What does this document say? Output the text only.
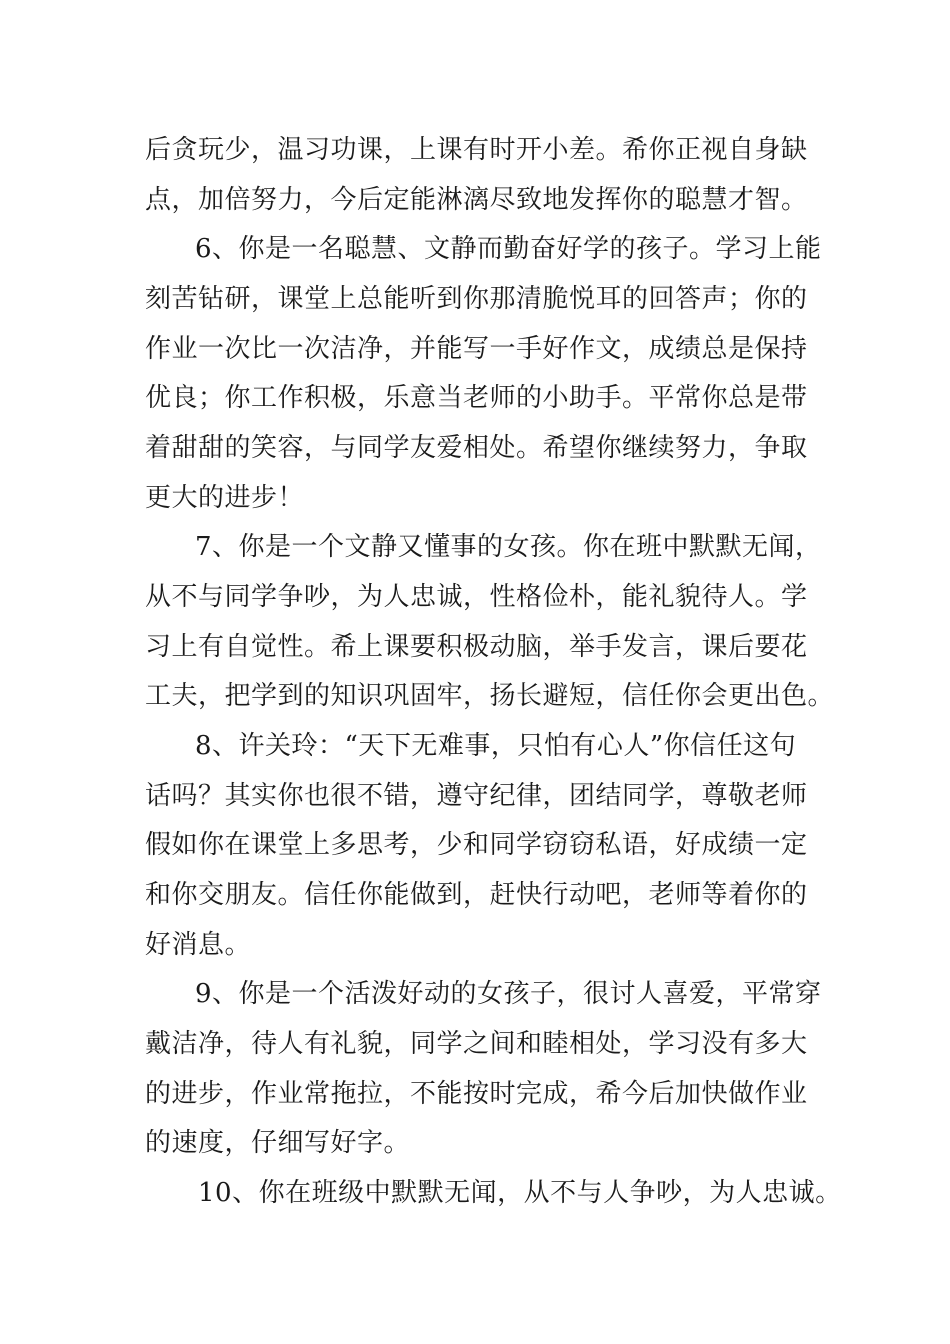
后贪玩少，温习功课，上课有时开小差。希你正视自身缺
点，加倍努力，今后定能淋漓尽致地发挥你的聪慧才智。
6、你是一名聪慧、文静而勤奋好学的孩子。学习上能
刻苦钻研，课堂上总能听到你那清脆悦耳的回答声；你的
作业一次比一次洁净，并能写一手好作文，成绩总是保持
优良；你工作积极，乐意当老师的小助手。平常你总是带
着甜甜的笑容，与同学友爱相处。希望你继续努力，争取
更大的进步！
7、你是一个文静又懂事的女孩。你在班中默默无闻，
从不与同学争吵，为人忠诚，性格俭朴，能礼貌待人。学
习上有自觉性。希上课要积极动脑，举手发言，课后要花
工夫，把学到的知识巩固牢，扬长避短，信任你会更出色。
8、许关玲：“天下无难事，只怕有心人”你信任这句
话吗？其实你也很不错，遵守纪律，团结同学，尊敬老师
假如你在课堂上多思考，少和同学窃窃私语，好成绩一定
和你交朋友。信任你能做到，赶快行动吧，老师等着你的
好消息。
9、你是一个活泼好动的女孩子，很讨人喜爱，平常穿
戴洁净，待人有礼貌，同学之间和睦相处，学习没有多大
的进步，作业常拖拉，不能按时完成，希今后加快做作业
的速度，仔细写好字。
10、你在班级中默默无闻，从不与人争吵，为人忠诚。
